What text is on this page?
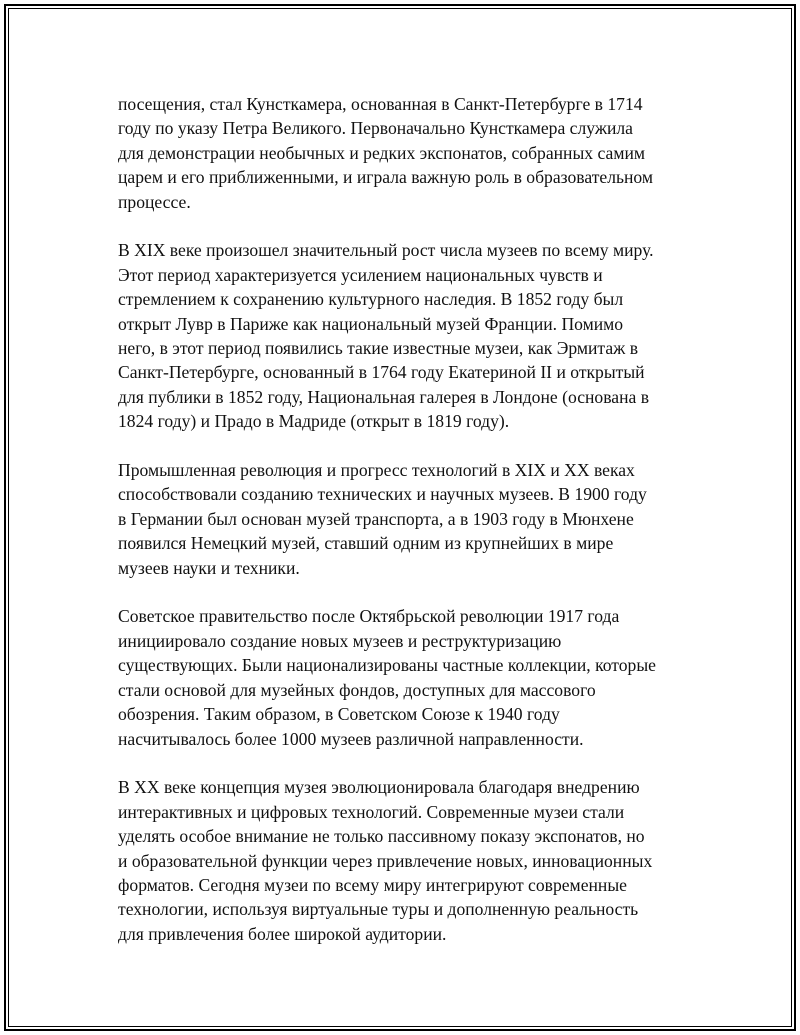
посещения, стал Кунсткамера, основанная в Санкт-Петербурге в 1714
году по указу Петра Великого. Первоначально Кунсткамера служила
для демонстрации необычных и редких экспонатов, собранных самим
царем и его приближенными, и играла важную роль в образовательном
процессе.

В XIX веке произошел значительный рост числа музеев по всему миру.
Этот период характеризуется усилением национальных чувств и
стремлением к сохранению культурного наследия. В 1852 году был
открыт Лувр в Париже как национальный музей Франции. Помимо
него, в этот период появились такие известные музеи, как Эрмитаж в
Санкт-Петербурге, основанный в 1764 году Екатериной II и открытый
для публики в 1852 году, Национальная галерея в Лондоне (основана в
1824 году) и Прадо в Мадриде (открыт в 1819 году).

Промышленная революция и прогресс технологий в XIX и XX веках
способствовали созданию технических и научных музеев. В 1900 году
в Германии был основан музей транспорта, а в 1903 году в Мюнхене
появился Немецкий музей, ставший одним из крупнейших в мире
музеев науки и техники.

Советское правительство после Октябрьской революции 1917 года
инициировало создание новых музеев и реструктуризацию
существующих. Были национализированы частные коллекции, которые
стали основой для музейных фондов, доступных для массового
обозрения. Таким образом, в Советском Союзе к 1940 году
насчитывалось более 1000 музеев различной направленности.

В XX веке концепция музея эволюционировала благодаря внедрению
интерактивных и цифровых технологий. Современные музеи стали
уделять особое внимание не только пассивному показу экспонатов, но
и образовательной функции через привлечение новых, инновационных
форматов. Сегодня музеи по всему миру интегрируют современные
технологии, используя виртуальные туры и дополненную реальность
для привлечения более широкой аудитории.
